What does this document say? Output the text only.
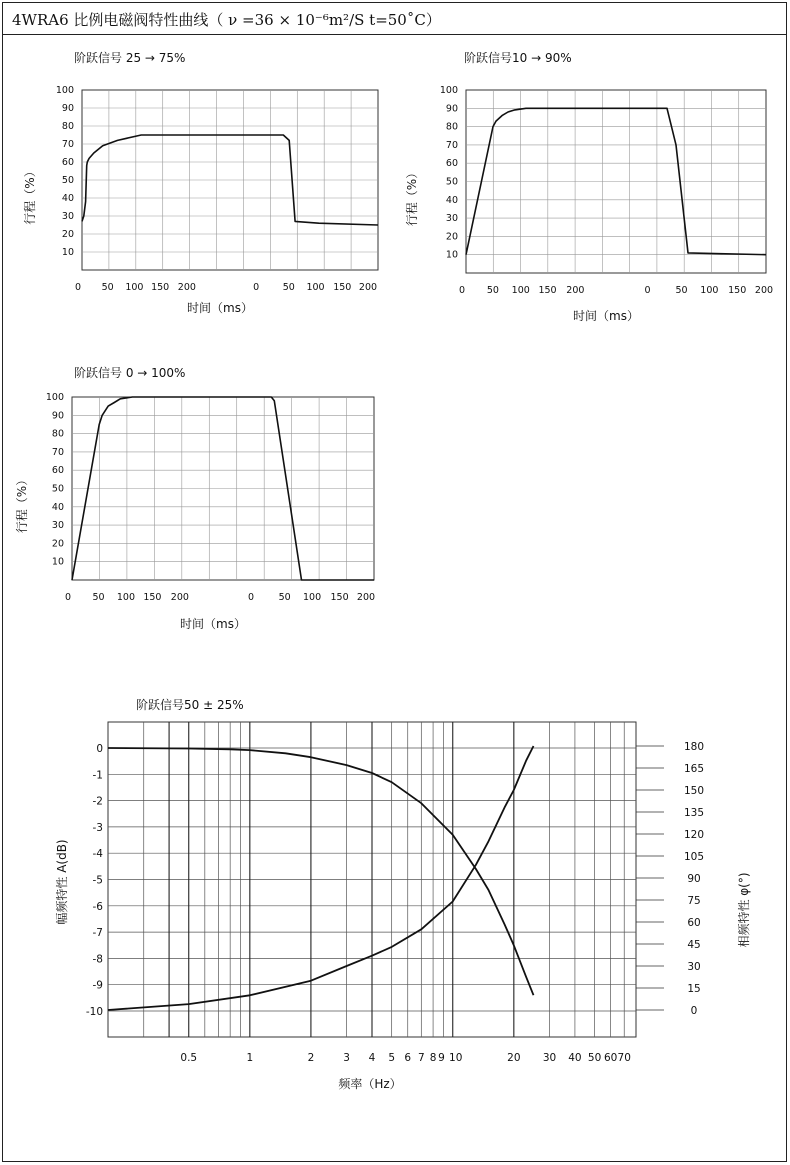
4WRA6 比例电磁阀特性曲线（ ν =36 × 10⁻⁶m²/S t=50˚C）
10
20
30
40
50
60
70
80
90
100
0 50 100 150 200	0 50 100 150 200
阶跃信号 25 → 75%
时间（ms）
行程（%）
10
20
30
40
50
60
70
80
90
100
0 50 100 150 200	0	50 100 150 200
阶跃信号10 → 90%
时间（ms）
行程（%）
10
20
30
40
50
60
70
80
90
100
0 50 100 150 200	0	50 100 150 200
阶跃信号 0 → 100%
时间（ms）
行程（%）
180
165
150
135
120
105
90
75
60
45
30
15
0
0
-1
-2
-3
-4
-5
-6
-7
-8
-9
-10
0.5	1	2	3 4 5 6 7 8 9 10	20 30 40 50 60 70
阶跃信号50 ± 25%
频率（Hz）
幅频特性 A(dB)	相频特性 φ(°)
